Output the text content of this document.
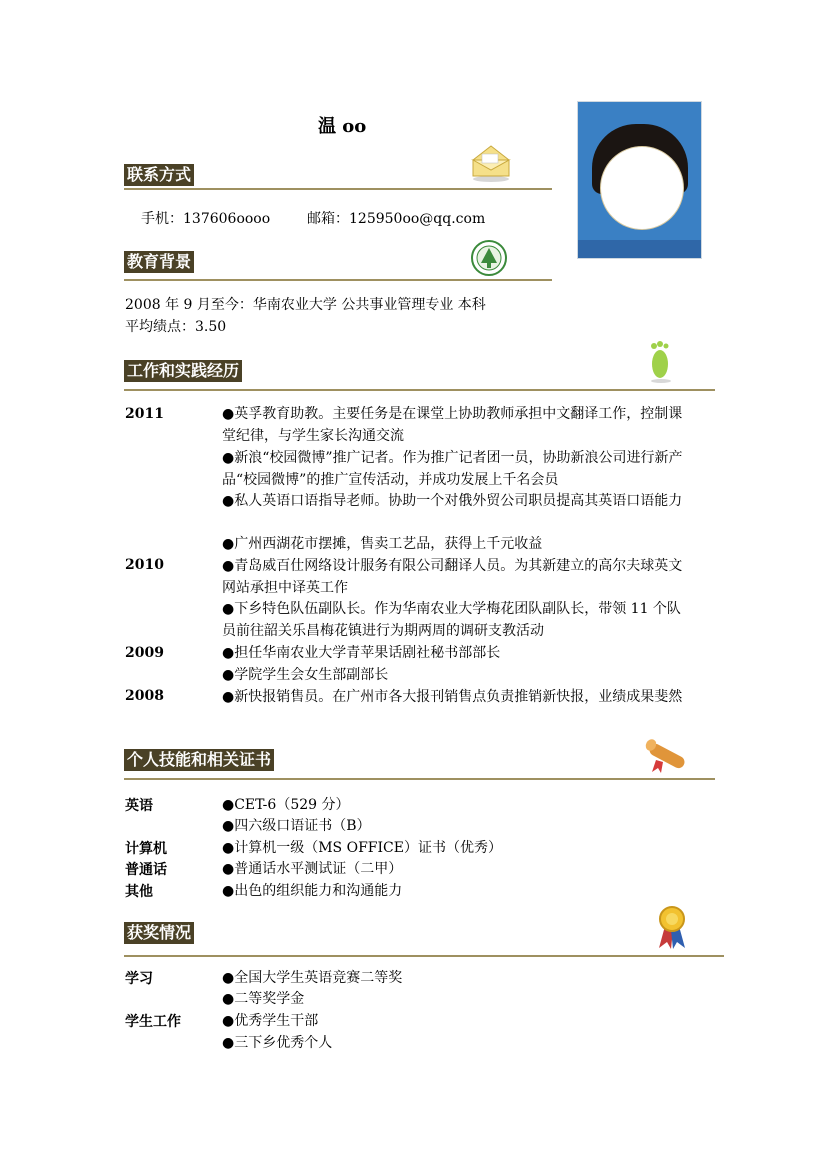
温 oo
联系方式
手机：137606oooo	邮箱：125950oo@qq.com
教育背景
2008 年 9 月至今：华南农业大学 公共事业管理专业 本科
平均绩点：3.50
工作和实践经历
2011
2010
2009
2008
●英孚教育助教。主要任务是在课堂上协助教师承担中文翻译工作，控制课堂纪律，与学生家长沟通交流
●新浪“校园微博”推广记者。作为推广记者团一员，协助新浪公司进行新产品“校园微博”的推广宣传活动，并成功发展上千名会员
●私人英语口语指导老师。协助一个对俄外贸公司职员提高其英语口语能力
●广州西湖花市摆摊，售卖工艺品，获得上千元收益
●青岛威百仕网络设计服务有限公司翻译人员。为其新建立的高尔夫球英文网站承担中译英工作
●下乡特色队伍副队长。作为华南农业大学梅花团队副队长，带领 11 个队员前往韶关乐昌梅花镇进行为期两周的调研支教活动
●担任华南农业大学青苹果话剧社秘书部部长
●学院学生会女生部副部长
●新快报销售员。在广州市各大报刊销售点负责推销新快报，业绩成果斐然
个人技能和相关证书
英语
计算机
普通话
其他
●CET-6（529 分）
●四六级口语证书（B）
●计算机一级（MS OFFICE）证书（优秀）
●普通话水平测试证（二甲）
●出色的组织能力和沟通能力
获奖情况
学习
学生工作
●全国大学生英语竞赛二等奖
●二等奖学金
●优秀学生干部
●三下乡优秀个人
